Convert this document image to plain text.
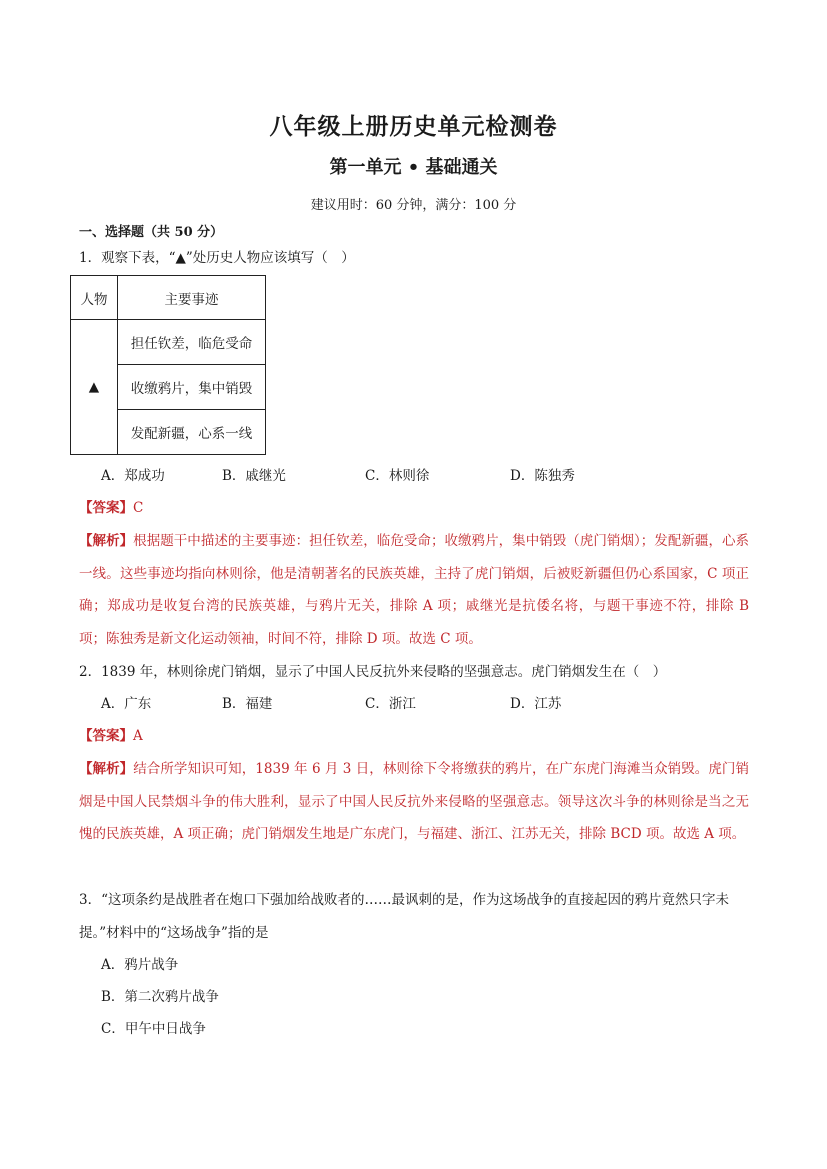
八年级上册历史单元检测卷
第一单元 • 基础通关
建议用时：60 分钟，满分：100 分
一、选择题（共 50 分）
1．观察下表，“▲”处历史人物应该填写（　）
人物	主要事迹
▲	担任钦差，临危受命
	收缴鸦片，集中销毁
	发配新疆，心系一线
A．郑成功	B．戚继光	C．林则徐	D．陈独秀
【答案】C
【解析】根据题干中描述的主要事迹：担任钦差，临危受命；收缴鸦片，集中销毁（虎门销烟）；发配新疆，心系一线。这些事迹均指向林则徐，他是清朝著名的民族英雄，主持了虎门销烟，后被贬新疆但仍心系国家，C 项正确；郑成功是收复台湾的民族英雄，与鸦片无关，排除 A 项；戚继光是抗倭名将，与题干事迹不符，排除 B 项；陈独秀是新文化运动领袖，时间不符，排除 D 项。故选 C 项。
2．1839 年，林则徐虎门销烟，显示了中国人民反抗外来侵略的坚强意志。虎门销烟发生在（　）
A．广东	B．福建	C．浙江	D．江苏
【答案】A
【解析】结合所学知识可知，1839 年 6 月 3 日，林则徐下令将缴获的鸦片，在广东虎门海滩当众销毁。虎门销烟是中国人民禁烟斗争的伟大胜利，显示了中国人民反抗外来侵略的坚强意志。领导这次斗争的林则徐是当之无愧的民族英雄，A 项正确；虎门销烟发生地是广东虎门，与福建、浙江、江苏无关，排除 BCD 项。故选 A 项。
3．“这项条约是战胜者在炮口下强加给战败者的……最讽刺的是，作为这场战争的直接起因的鸦片竟然只字未提。”材料中的“这场战争”指的是
A．鸦片战争
B．第二次鸦片战争
C．甲午中日战争
